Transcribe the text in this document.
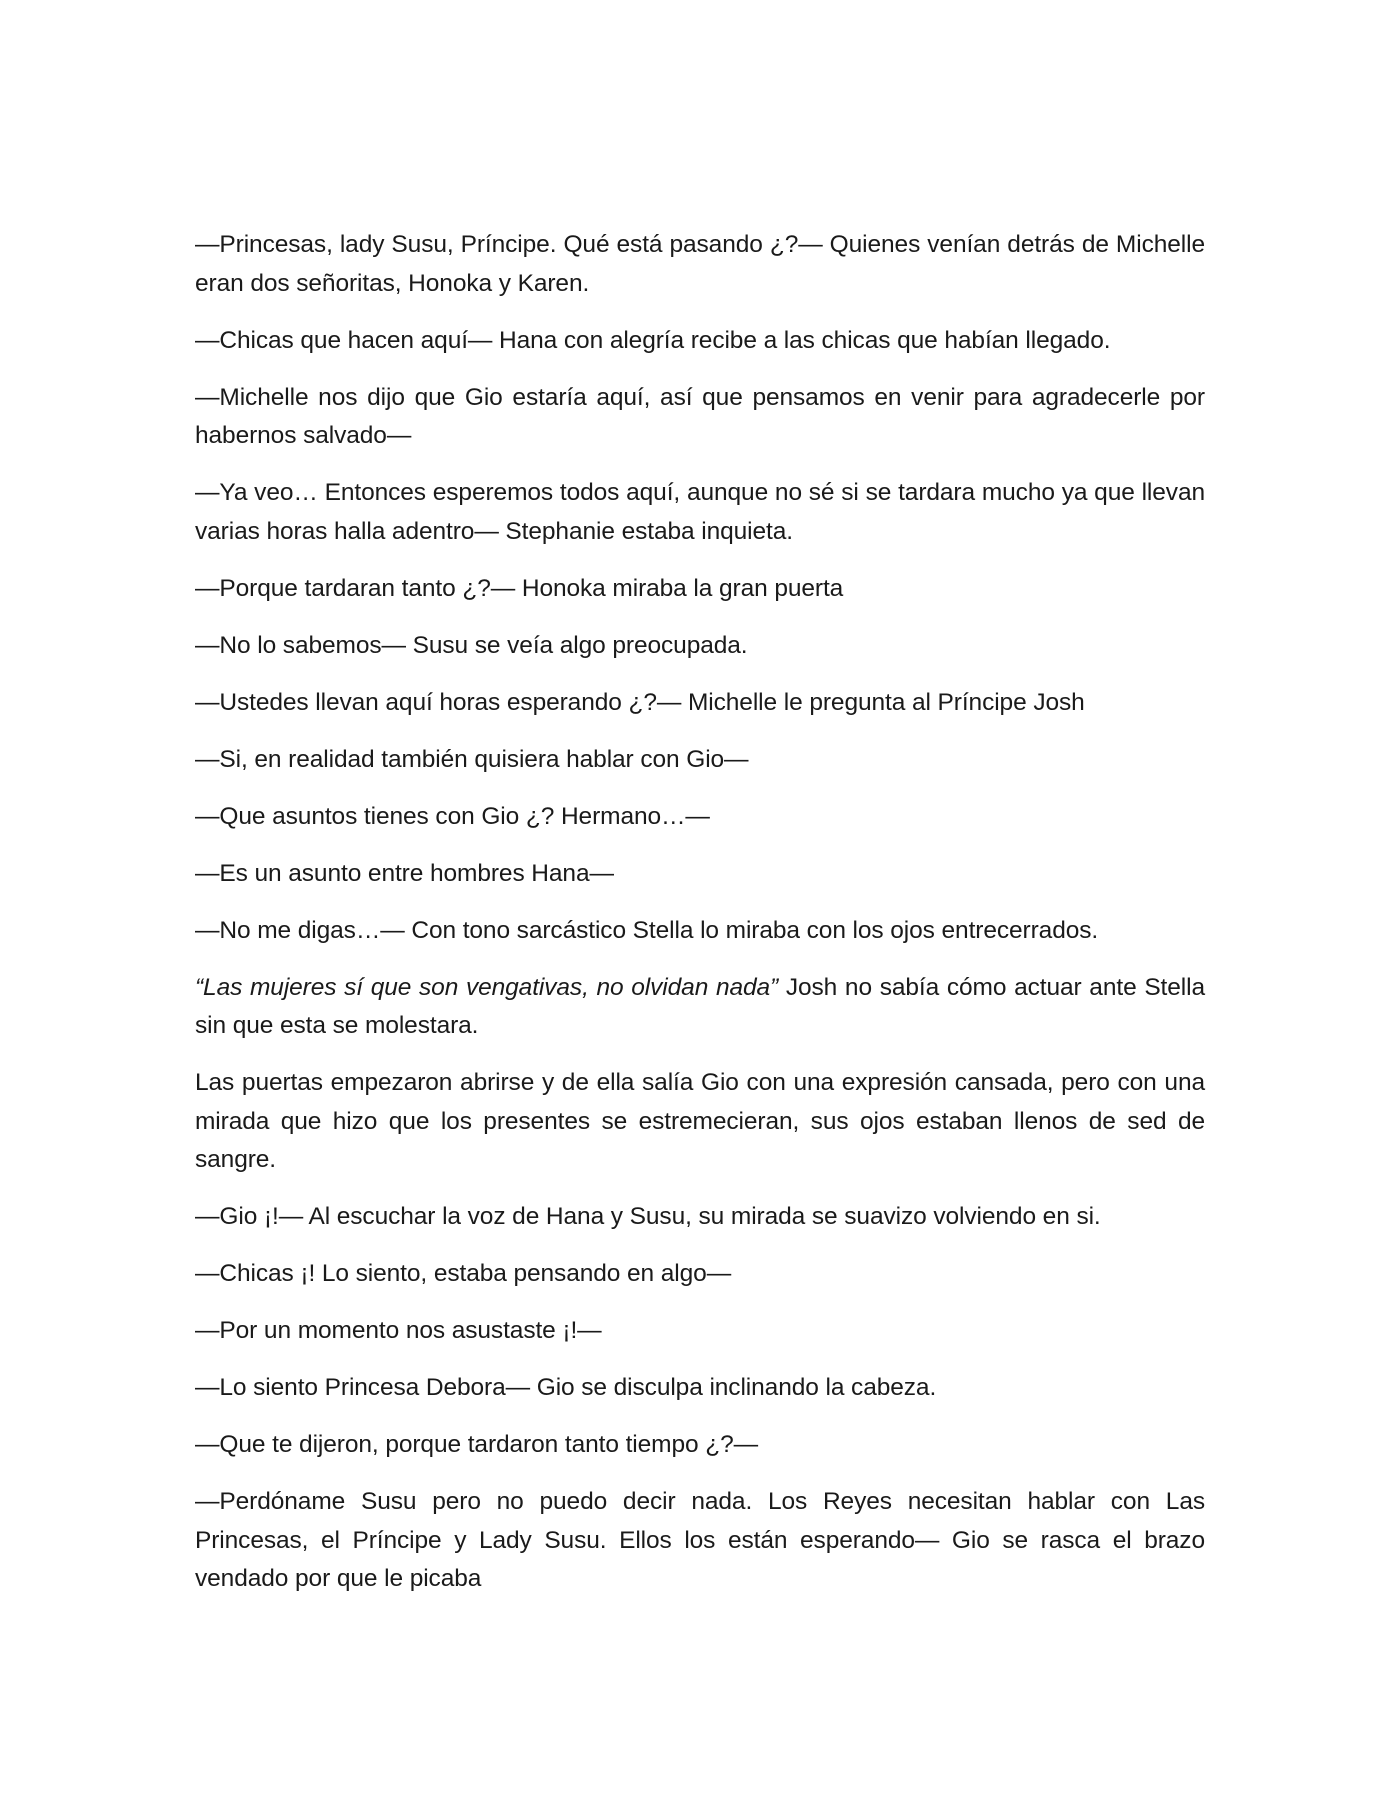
—Princesas, lady Susu, Príncipe. Qué está pasando ¿?— Quienes venían detrás de Michelle eran dos señoritas, Honoka y Karen.

—Chicas que hacen aquí— Hana con alegría recibe a las chicas que habían llegado.

—Michelle nos dijo que Gio estaría aquí, así que pensamos en venir para agradecerle por habernos salvado—

—Ya veo… Entonces esperemos todos aquí, aunque no sé si se tardara mucho ya que llevan varias horas halla adentro— Stephanie estaba inquieta.

—Porque tardaran tanto ¿?— Honoka miraba la gran puerta

—No lo sabemos— Susu se veía algo preocupada.

—Ustedes llevan aquí horas esperando ¿?— Michelle le pregunta al Príncipe Josh

—Si, en realidad también quisiera hablar con Gio—

—Que asuntos tienes con Gio ¿? Hermano…—

—Es un asunto entre hombres Hana—

—No me digas…— Con tono sarcástico Stella lo miraba con los ojos entrecerrados.

“Las mujeres sí que son vengativas, no olvidan nada” Josh no sabía cómo actuar ante Stella sin que esta se molestara.

Las puertas empezaron abrirse y de ella salía Gio con una expresión cansada, pero con una mirada que hizo que los presentes se estremecieran, sus ojos estaban llenos de sed de sangre.

—Gio ¡!— Al escuchar la voz de Hana y Susu, su mirada se suavizo volviendo en si.

—Chicas ¡! Lo siento, estaba pensando en algo—

—Por un momento nos asustaste ¡!—

—Lo siento Princesa Debora— Gio se disculpa inclinando la cabeza.

—Que te dijeron, porque tardaron tanto tiempo ¿?—

—Perdóname Susu pero no puedo decir nada. Los Reyes necesitan hablar con Las Princesas, el Príncipe y Lady Susu. Ellos los están esperando— Gio se rasca el brazo vendado por que le picaba
